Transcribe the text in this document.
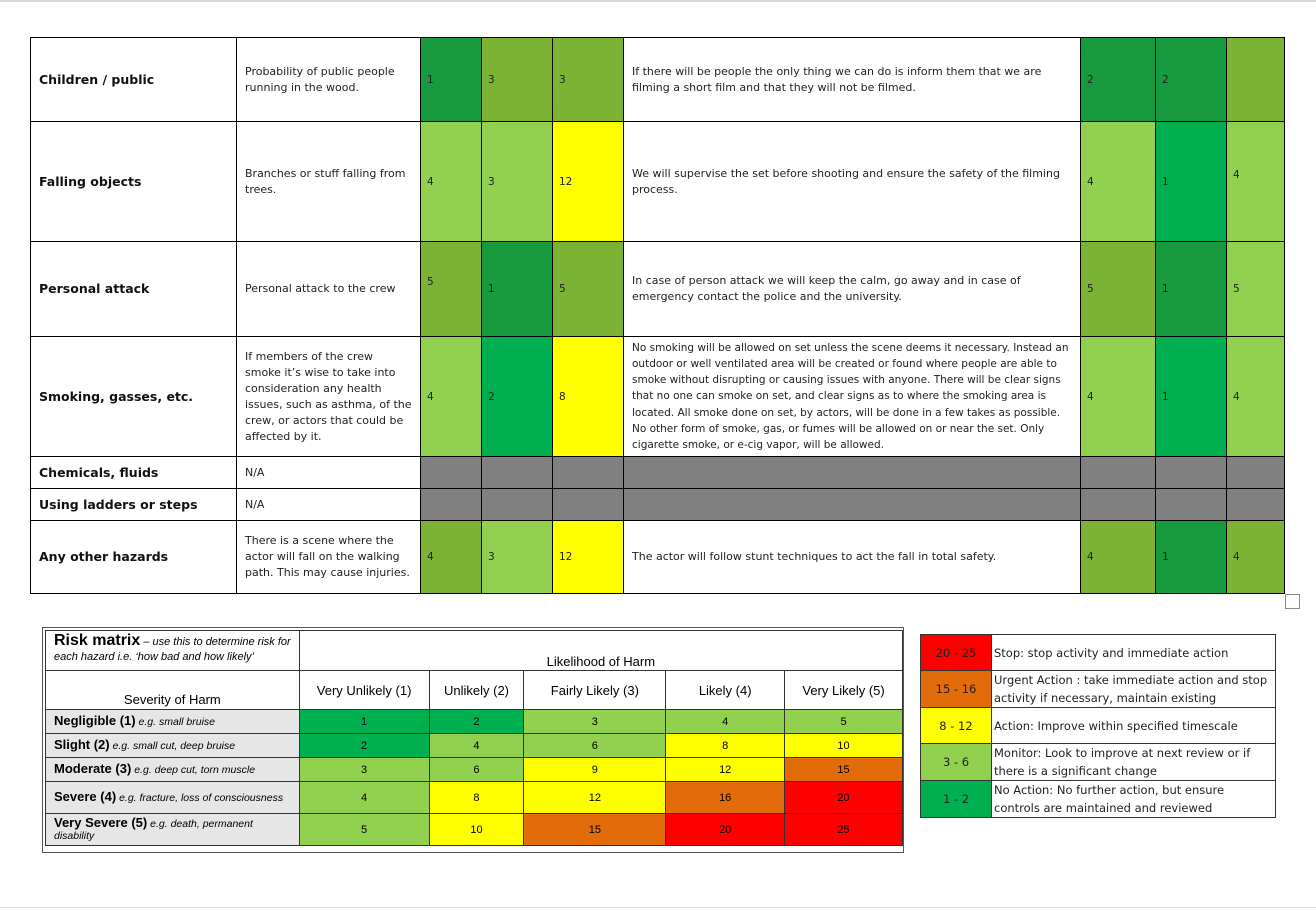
Children / public	Probability of public people running in the wood.	1	3	3	If there will be people the only thing we can do is inform them that we are filming a short film and that they will not be filmed.	2	2	
Falling objects	Branches or stuff falling from trees.	4	3	12	We will supervise the set before shooting and ensure the safety of the filming process.	4	1	4
Personal attack	Personal attack to the crew	5	1	5	In case of person attack we will keep the calm, go away and in case of emergency contact the police and the university.	5	1	5
Smoking, gasses, etc.	If members of the crew smoke it’s wise to take into consideration any health issues, such as asthma, of the crew, or actors that could be affected by it.	4	2	8	No smoking will be allowed on set unless the scene deems it necessary. Instead an outdoor or well ventilated area will be created or found where people are able to smoke without disrupting or causing issues with anyone. There will be clear signs that no one can smoke on set, and clear signs as to where the smoking area is located. All smoke done on set, by actors, will be done in a few takes as possible. No other form of smoke, gas, or fumes will be allowed on or near the set. Only cigarette smoke, or e-cig vapor, will be allowed.	4	1	4
Chemicals, fluids	N/A							
Using ladders or steps	N/A							
Any other hazards	There is a scene where the actor will fall on the walking path. This may cause injuries.	4	3	12	The actor will follow stunt techniques to act the fall in total safety.	4	1	4
Risk matrix – use this to determine risk for each hazard i.e. ‘how bad and how likely’	Likelihood of Harm				
Severity of Harm	Very Unlikely (1)	Unlikely (2)	Fairly Likely (3)	Likely (4)	Very Likely (5)
Negligible (1) e.g. small bruise	1	2	3	4	5
Slight (2) e.g. small cut, deep bruise	2	4	6	8	10
Moderate (3) e.g. deep cut, torn muscle	3	6	9	12	15
Severe (4) e.g. fracture, loss of consciousness	4	8	12	16	20
Very Severe (5) e.g. death, permanent disability	5	10	15	20	25
20 - 25	Stop: stop activity and immediate action
15 - 16	Urgent Action : take immediate action and stop activity if necessary, maintain existing
8 - 12	Action: Improve within specified timescale
3 - 6	Monitor: Look to improve at next review or if there is a significant change
1 - 2	No Action: No further action, but ensure controls are maintained and reviewed
